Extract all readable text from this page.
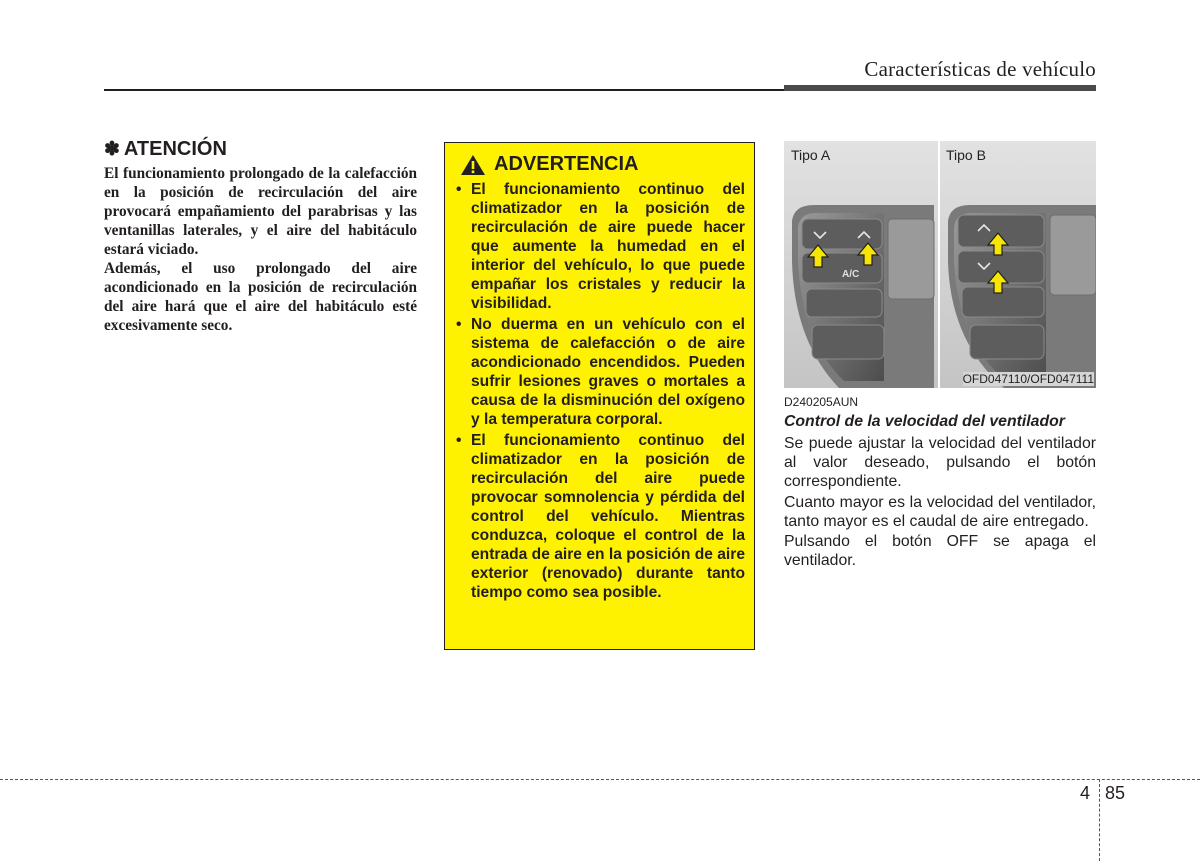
Características de vehículo
✽ ATENCIÓN

El funcionamiento prolongado de la calefacción en la posición de recirculación del aire provocará empañamiento del parabrisas y las ventanillas laterales, y el aire del habitáculo estará viciado.

Además, el uso prolongado del aire acondicionado en la posición de recirculación del aire hará que el aire del habitáculo esté excesivamente seco.

ADVERTENCIA
• El funcionamiento continuo del climatizador en la posición de recirculación de aire puede hacer que aumente la humedad en el interior del vehículo, lo que puede empañar los cristales y reducir la visibilidad.
• No duerma en un vehículo con el sistema de calefacción o de aire acondicionado encendidos. Pueden sufrir lesiones graves o mortales a causa de la disminución del oxígeno y la temperatura corporal.
• El funcionamiento continuo del climatizador en la posición de recirculación del aire puede provocar somnolencia y pérdida del control del vehículo. Mientras conduzca, coloque el control de la entrada de aire en la posición de aire exterior (renovado) durante tanto tiempo como sea posible.
A/C
Tipo A	Tipo B
OFD047110/OFD047111
D240205AUN
Control de la velocidad del ventilador

Se puede ajustar la velocidad del ventilador al valor deseado, pulsando el botón correspondiente.

Cuanto mayor es la velocidad del ventilador, tanto mayor es el caudal de aire entregado.

Pulsando el botón OFF se apaga el ventilador.

4 85
